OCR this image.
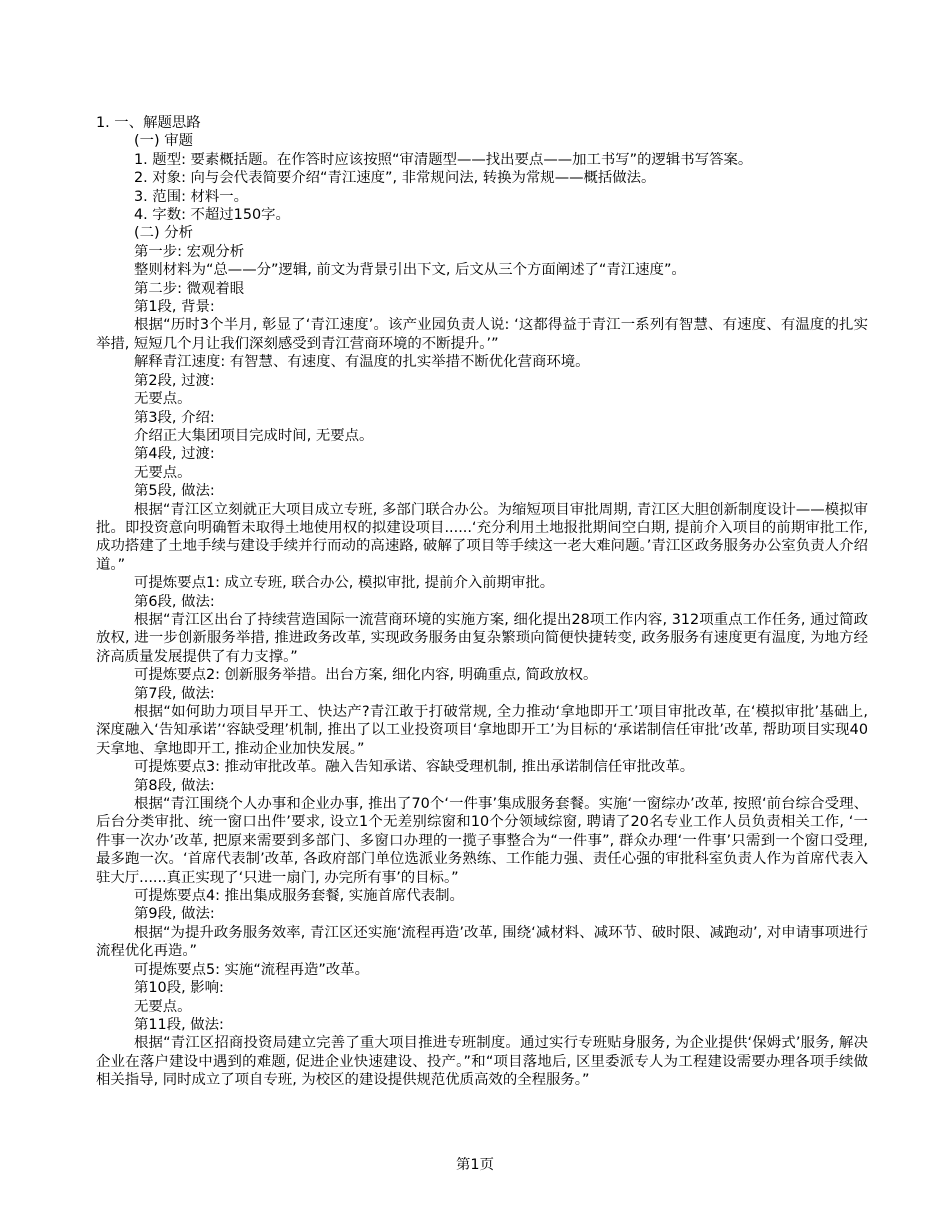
1. 一、解题思路
(一) 审题
1. 题型: 要素概括题。在作答时应该按照“审清题型——找出要点——加工书写”的逻辑书写答案。
2. 对象: 向与会代表简要介绍“青江速度”, 非常规问法, 转换为常规——概括做法。
3. 范围: 材料一。
4. 字数: 不超过150字。
(二) 分析
第一步: 宏观分析
整则材料为“总——分”逻辑, 前文为背景引出下文, 后文从三个方面阐述了“青江速度”。
第二步: 微观着眼
第1段, 背景:
根据“历时3个半月, 彰显了‘青江速度’。该产业园负责人说: ‘这都得益于青江一系列有智慧、有速度、有温度的扎实举措, 短短几个月让我们深刻感受到青江营商环境的不断提升。’”
解释青江速度: 有智慧、有速度、有温度的扎实举措不断优化营商环境。
第2段, 过渡:
无要点。
第3段, 介绍:
介绍正大集团项目完成时间, 无要点。
第4段, 过渡:
无要点。
第5段, 做法:
根据“青江区立刻就正大项目成立专班, 多部门联合办公。为缩短项目审批周期, 青江区大胆创新制度设计——模拟审批。即投资意向明确暂未取得土地使用权的拟建设项目......‘充分利用土地报批期间空白期, 提前介入项目的前期审批工作, 成功搭建了土地手续与建设手续并行而动的高速路, 破解了项目等手续这一老大难问题。’青江区政务服务办公室负责人介绍道。”
可提炼要点1: 成立专班, 联合办公, 模拟审批, 提前介入前期审批。
第6段, 做法:
根据“青江区出台了持续营造国际一流营商环境的实施方案, 细化提出28项工作内容, 312项重点工作任务, 通过简政放权, 进一步创新服务举措, 推进政务改革, 实现政务服务由复杂繁琐向简便快捷转变, 政务服务有速度更有温度, 为地方经济高质量发展提供了有力支撑。”
可提炼要点2: 创新服务举措。出台方案, 细化内容, 明确重点, 简政放权。
第7段, 做法:
根据“如何助力项目早开工、快达产?青江敢于打破常规, 全力推动‘拿地即开工’项目审批改革, 在‘模拟审批’基础上, 深度融入‘告知承诺’‘容缺受理’机制, 推出了以工业投资项目‘拿地即开工’为目标的‘承诺制信任审批’改革, 帮助项目实现40天拿地、拿地即开工, 推动企业加快发展。”
可提炼要点3: 推动审批改革。融入告知承诺、容缺受理机制, 推出承诺制信任审批改革。
第8段, 做法:
根据“青江围绕个人办事和企业办事, 推出了70个‘一件事’集成服务套餐。实施‘一窗综办’改革, 按照‘前台综合受理、后台分类审批、统一窗口出件’要求, 设立1个无差别综窗和10个分领域综窗, 聘请了20名专业工作人员负责相关工作, ‘一件事一次办’改革, 把原来需要到多部门、多窗口办理的一揽子事整合为“一件事”, 群众办理‘一件事’只需到一个窗口受理, 最多跑一次。‘首席代表制’改革, 各政府部门单位选派业务熟练、工作能力强、责任心强的审批科室负责人作为首席代表入驻大厅......真正实现了‘只进一扇门, 办完所有事’的目标。”
可提炼要点4: 推出集成服务套餐, 实施首席代表制。
第9段, 做法:
根据“为提升政务服务效率, 青江区还实施‘流程再造’改革, 围绕‘减材料、减环节、破时限、减跑动’, 对申请事项进行流程优化再造。”
可提炼要点5: 实施“流程再造”改革。
第10段, 影响:
无要点。
第11段, 做法:
根据“青江区招商投资局建立完善了重大项目推进专班制度。通过实行专班贴身服务, 为企业提供‘保姆式’服务, 解决企业在落户建设中遇到的难题, 促进企业快速建设、投产。”和“项目落地后, 区里委派专人为工程建设需要办理各项手续做相关指导, 同时成立了项自专班, 为校区的建设提供规范优质高效的全程服务。”
第1页
